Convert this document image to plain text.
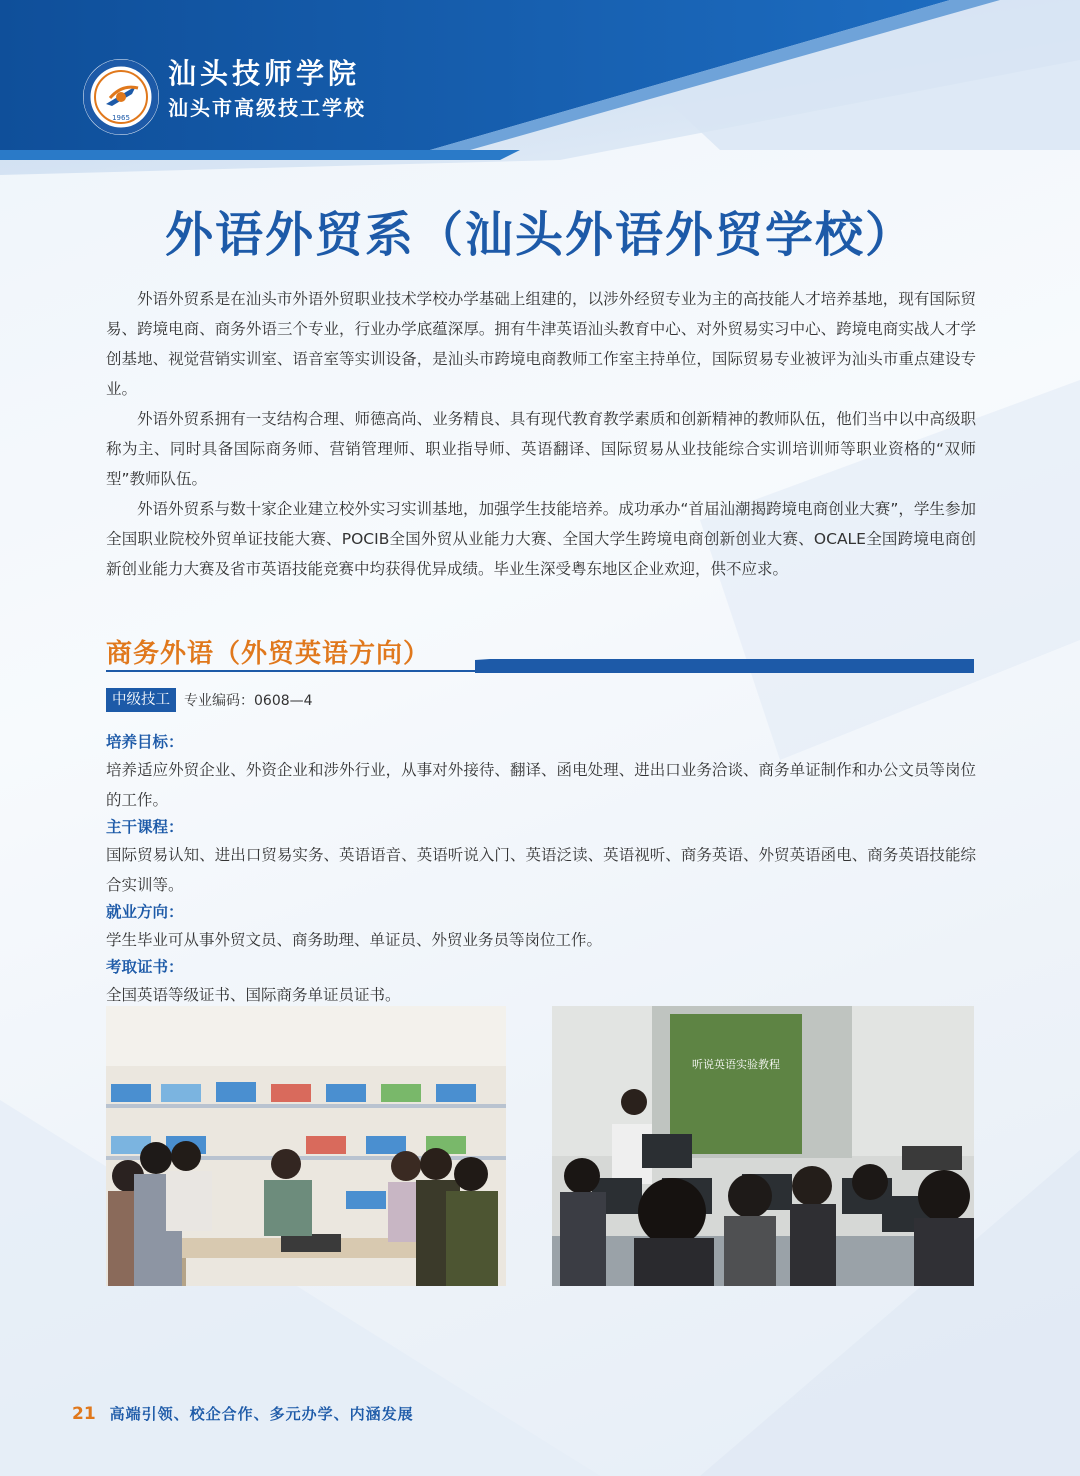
1965
汕头技师学院
汕头市高级技工学校
外语外贸系（汕头外语外贸学校）

外语外贸系是在汕头市外语外贸职业技术学校办学基础上组建的，以涉外经贸专业为主的高技能人才培养基地，现有国际贸易、跨境电商、商务外语三个专业，行业办学底蕴深厚。拥有牛津英语汕头教育中心、对外贸易实习中心、跨境电商实战人才学创基地、视觉营销实训室、语音室等实训设备，是汕头市跨境电商教师工作室主持单位，国际贸易专业被评为汕头市重点建设专业。

外语外贸系拥有一支结构合理、师德高尚、业务精良、具有现代教育教学素质和创新精神的教师队伍，他们当中以中高级职称为主、同时具备国际商务师、营销管理师、职业指导师、英语翻译、国际贸易从业技能综合实训培训师等职业资格的“双师型”教师队伍。

外语外贸系与数十家企业建立校外实习实训基地，加强学生技能培养。成功承办“首届汕潮揭跨境电商创业大赛”，学生参加全国职业院校外贸单证技能大赛、POCIB全国外贸从业能力大赛、全国大学生跨境电商创新创业大赛、OCALE全国跨境电商创新创业能力大赛及省市英语技能竞赛中均获得优异成绩。毕业生深受粤东地区企业欢迎，供不应求。

商务外语（外贸英语方向）
中级技工	专业编码：0608—4
培养目标：
培养适应外贸企业、外资企业和涉外行业，从事对外接待、翻译、函电处理、进出口业务洽谈、商务单证制作和办公文员等岗位的工作。
主干课程：
国际贸易认知、进出口贸易实务、英语语音、英语听说入门、英语泛读、英语视听、商务英语、外贸英语函电、商务英语技能综合实训等。
就业方向：
学生毕业可从事外贸文员、商务助理、单证员、外贸业务员等岗位工作。
考取证书：
全国英语等级证书、国际商务单证员证书。
听说英语实验教程
21 高端引领、校企合作、多元办学、内涵发展
